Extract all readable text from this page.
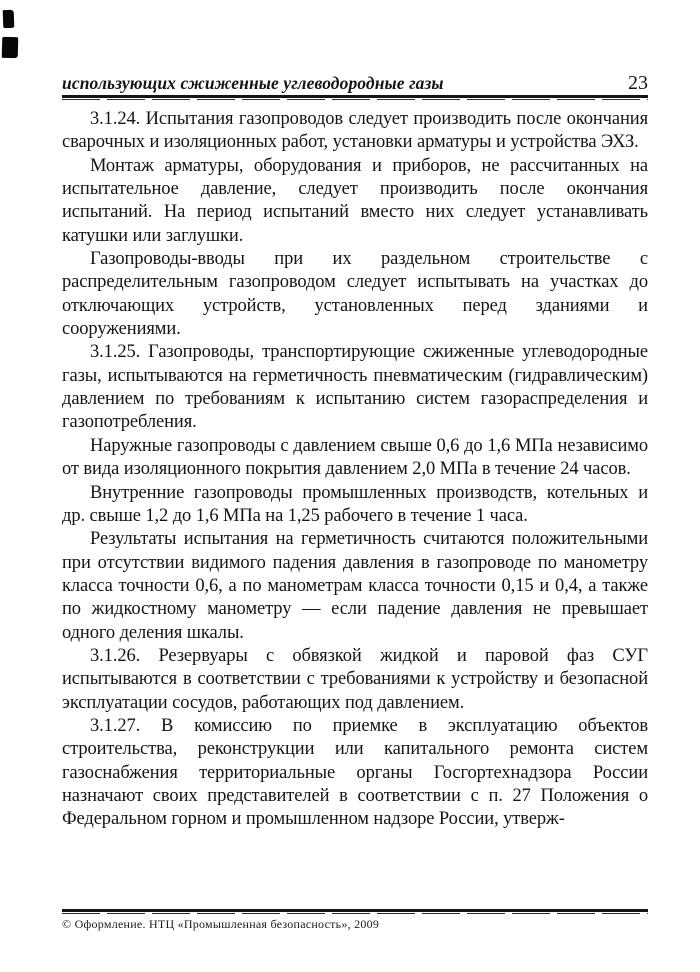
использующих сжиженные углеводородные газы	23

3.1.24. Испытания газопроводов следует производить после окончания сварочных и изоляционных работ, установки арматуры и устройства ЭХЗ.

Монтаж арматуры, оборудования и приборов, не рассчитанных на испытательное давление, следует производить после окончания испытаний. На период испытаний вместо них следует устанавливать катушки или заглушки.

Газопроводы-вводы при их раздельном строительстве с распределительным газопроводом следует испытывать на участках до отключающих устройств, установленных перед зданиями и сооружениями.

3.1.25. Газопроводы, транспортирующие сжиженные углеводородные газы, испытываются на герметичность пневматическим (гидравлическим) давлением по требованиям к испытанию систем газораспределения и газопотребления.

Наружные газопроводы с давлением свыше 0,6 до 1,6 МПа независимо от вида изоляционного покрытия давлением 2,0 МПа в течение 24 часов.

Внутренние газопроводы промышленных производств, котельных и др. свыше 1,2 до 1,6 МПа на 1,25 рабочего в течение 1 часа.

Результаты испытания на герметичность считаются положительными при отсутствии видимого падения давления в газопроводе по манометру класса точности 0,6, а по манометрам класса точности 0,15 и 0,4, а также по жидкостному манометру — если падение давления не превышает одного деления шкалы.

3.1.26. Резервуары с обвязкой жидкой и паровой фаз СУГ испытываются в соответствии с требованиями к устройству и безопасной эксплуатации сосудов, работающих под давлением.

3.1.27. В комиссию по приемке в эксплуатацию объектов строительства, реконструкции или капитального ремонта систем газоснабжения территориальные органы Госгортехнадзора России назначают своих представителей в соответствии с п. 27 Положения о Федеральном горном и промышленном надзоре России, утверж-

© Оформление. НТЦ «Промышленная безопасность», 2009
